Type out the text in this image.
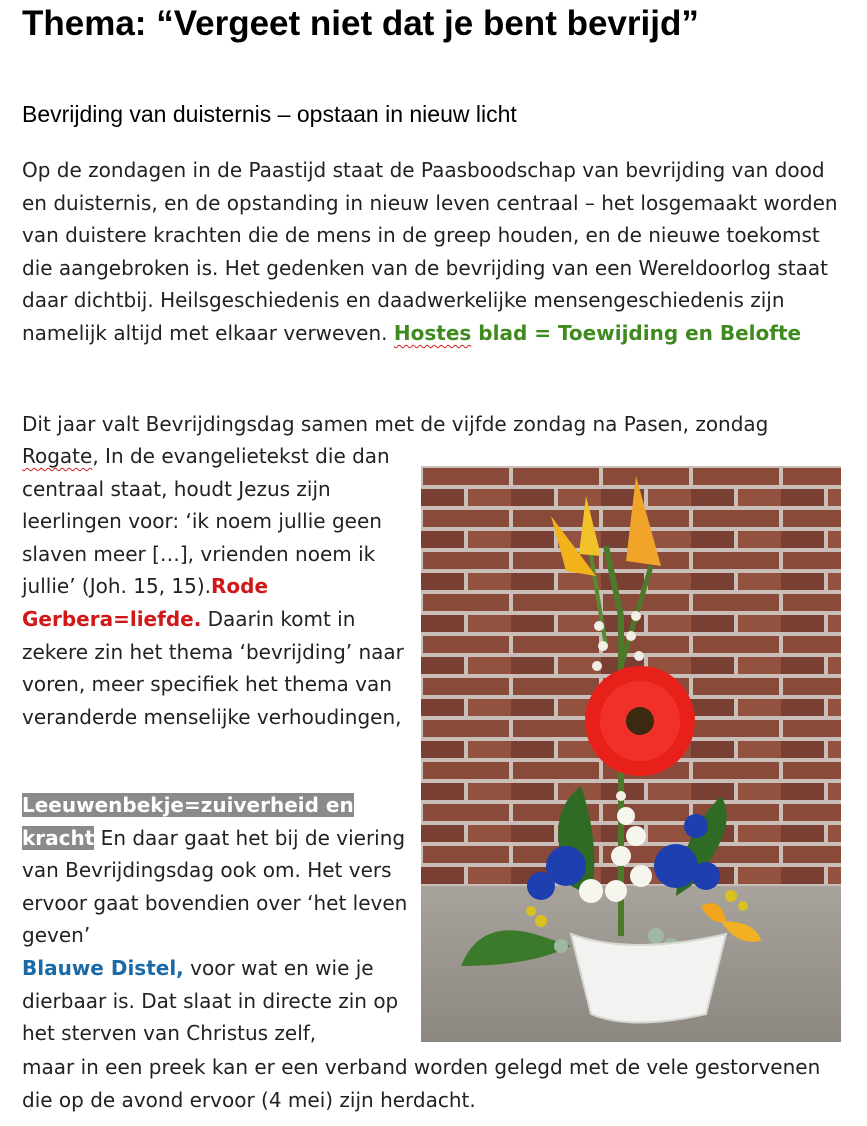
Thema: “Vergeet niet dat je bent bevrijd”
Bevrijding van duisternis – opstaan in nieuw licht
Op de zondagen in de Paastijd staat de Paasboodschap van bevrijding van dood en duisternis, en de opstanding in nieuw leven centraal – het losgemaakt worden van duistere krachten die de mens in de greep houden, en de nieuwe toekomst die aangebroken is. Het gedenken van de bevrijding van een Wereldoorlog staat daar dichtbij. Heilsgeschiedenis en daadwerkelijke mensengeschiedenis zijn namelijk altijd met elkaar verweven. Hostes blad = Toewijding en Belofte
Dit jaar valt Bevrijdingsdag samen met de vijfde zondag na Pasen, zondag
Rogate, In de evangelietekst die dan centraal staat, houdt Jezus zijn leerlingen voor: ‘ik noem jullie geen slaven meer […], vrienden noem ik jullie’ (Joh. 15, 15).Rode Gerbera=liefde. Daarin komt in zekere zin het thema ‘bevrijding’ naar voren, meer specifiek het thema van veranderde menselijke verhoudingen,
Leeuwenbekje=zuiverheid en
kracht En daar gaat het bij de viering van Bevrijdingsdag ook om. Het vers ervoor gaat bovendien over ‘het leven geven’
Blauwe Distel, voor wat en wie je dierbaar is. Dat slaat in directe zin op het sterven van Christus zelf,
maar in een preek kan er een verband worden gelegd met de vele gestorvenen die op de avond ervoor (4 mei) zijn herdacht.
